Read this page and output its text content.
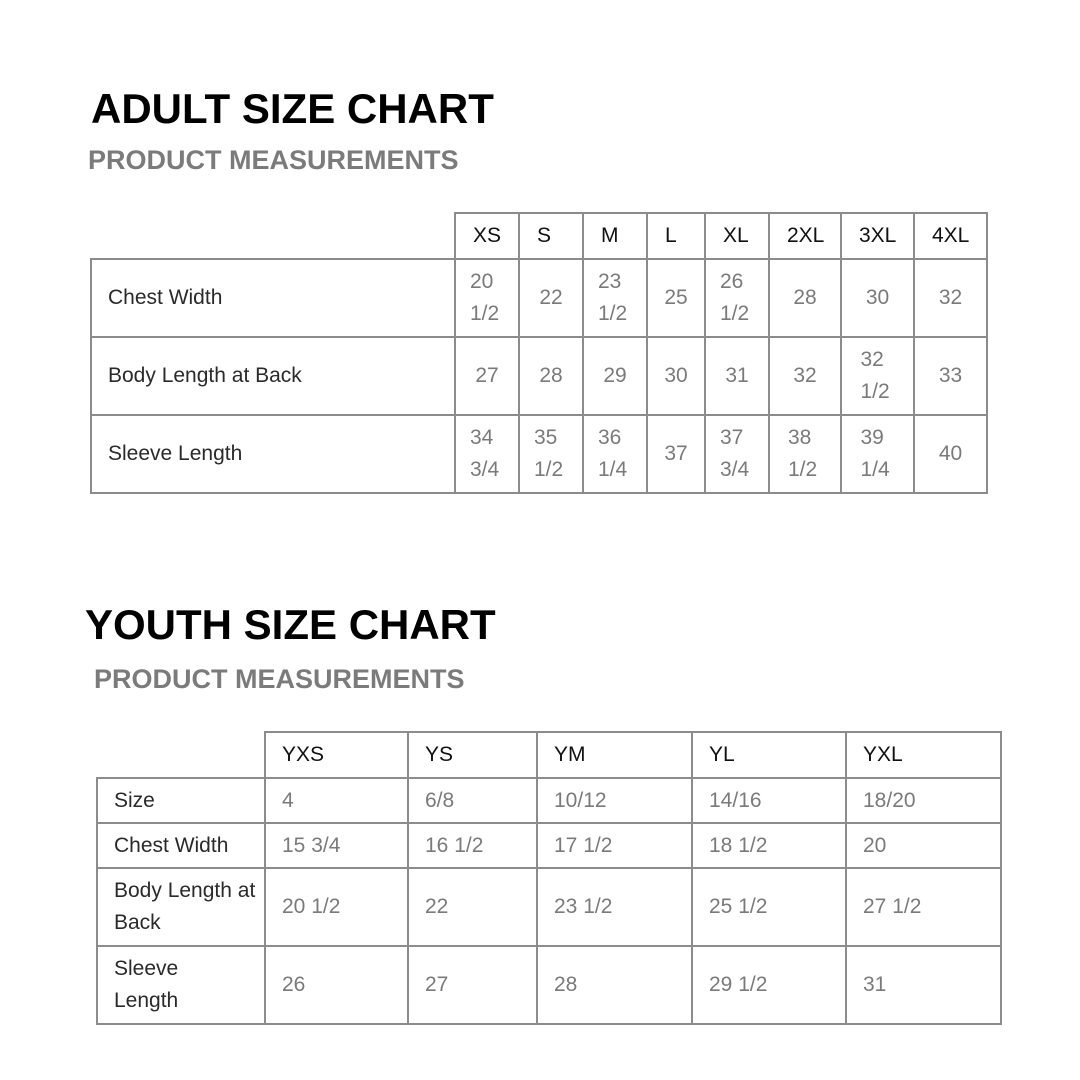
ADULT SIZE CHART
PRODUCT MEASUREMENTS
	XS	S	M	L	XL	2XL	3XL	4XL
Chest Width	20 1/2	22	23 1/2	25	26 1/2	28	30	32
Body Length at Back	27	28	29	30	31	32	32 1/2	33
Sleeve Length	34 3/4	35 1/2	36 1/4	37	37 3/4	38 1/2	39 1/4	40
YOUTH SIZE CHART
PRODUCT MEASUREMENTS
	YXS	YS	YM	YL	YXL
Size	4	6/8	10/12	14/16	18/20
Chest Width	15 3/4	16 1/2	17 1/2	18 1/2	20
Body Length at Back	20 1/2	22	23 1/2	25 1/2	27 1/2
Sleeve Length	26	27	28	29 1/2	31
